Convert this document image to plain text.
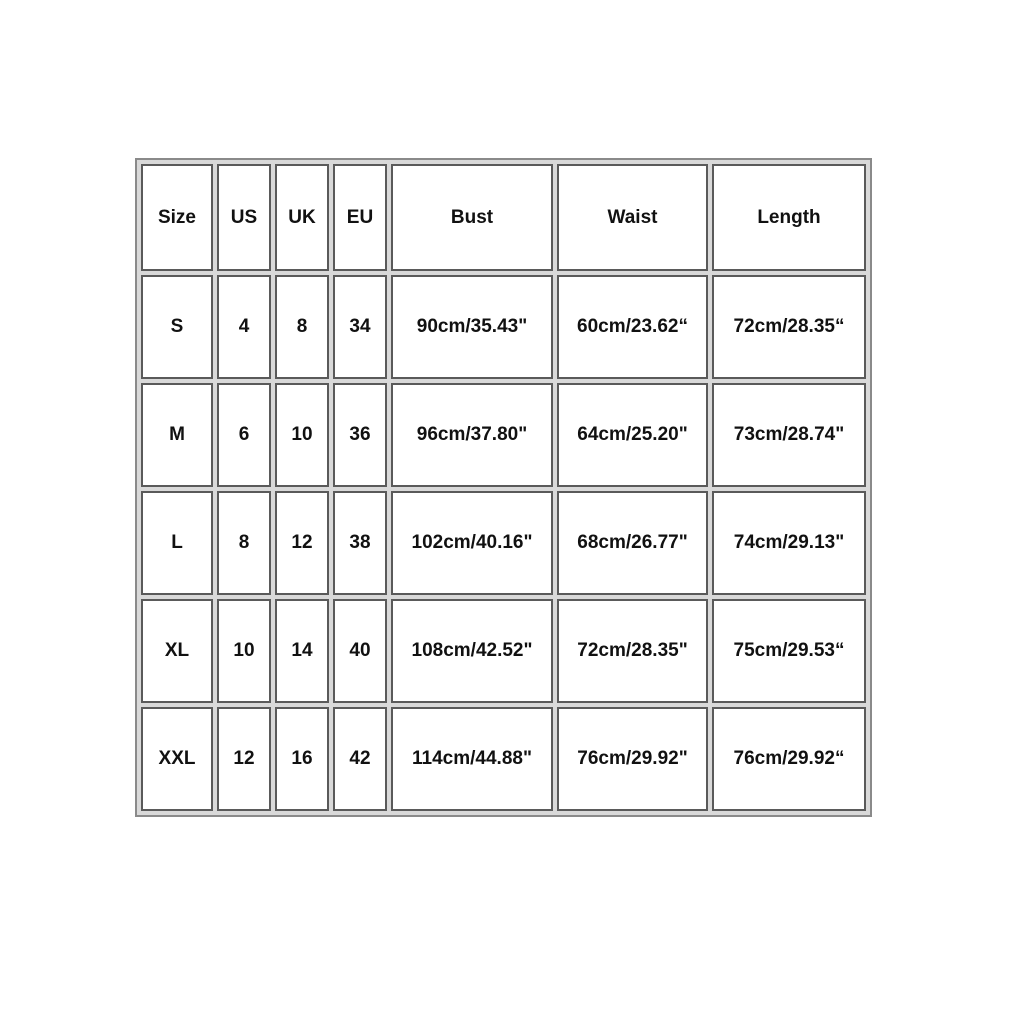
Size	US	UK	EU	Bust	Waist	Length
S	4	8	34	90cm/35.43"	60cm/23.62“	72cm/28.35“
M	6	10	36	96cm/37.80"	64cm/25.20"	73cm/28.74"
L	8	12	38	102cm/40.16"	68cm/26.77"	74cm/29.13"
XL	10	14	40	108cm/42.52"	72cm/28.35"	75cm/29.53“
XXL	12	16	42	114cm/44.88"	76cm/29.92"	76cm/29.92“
